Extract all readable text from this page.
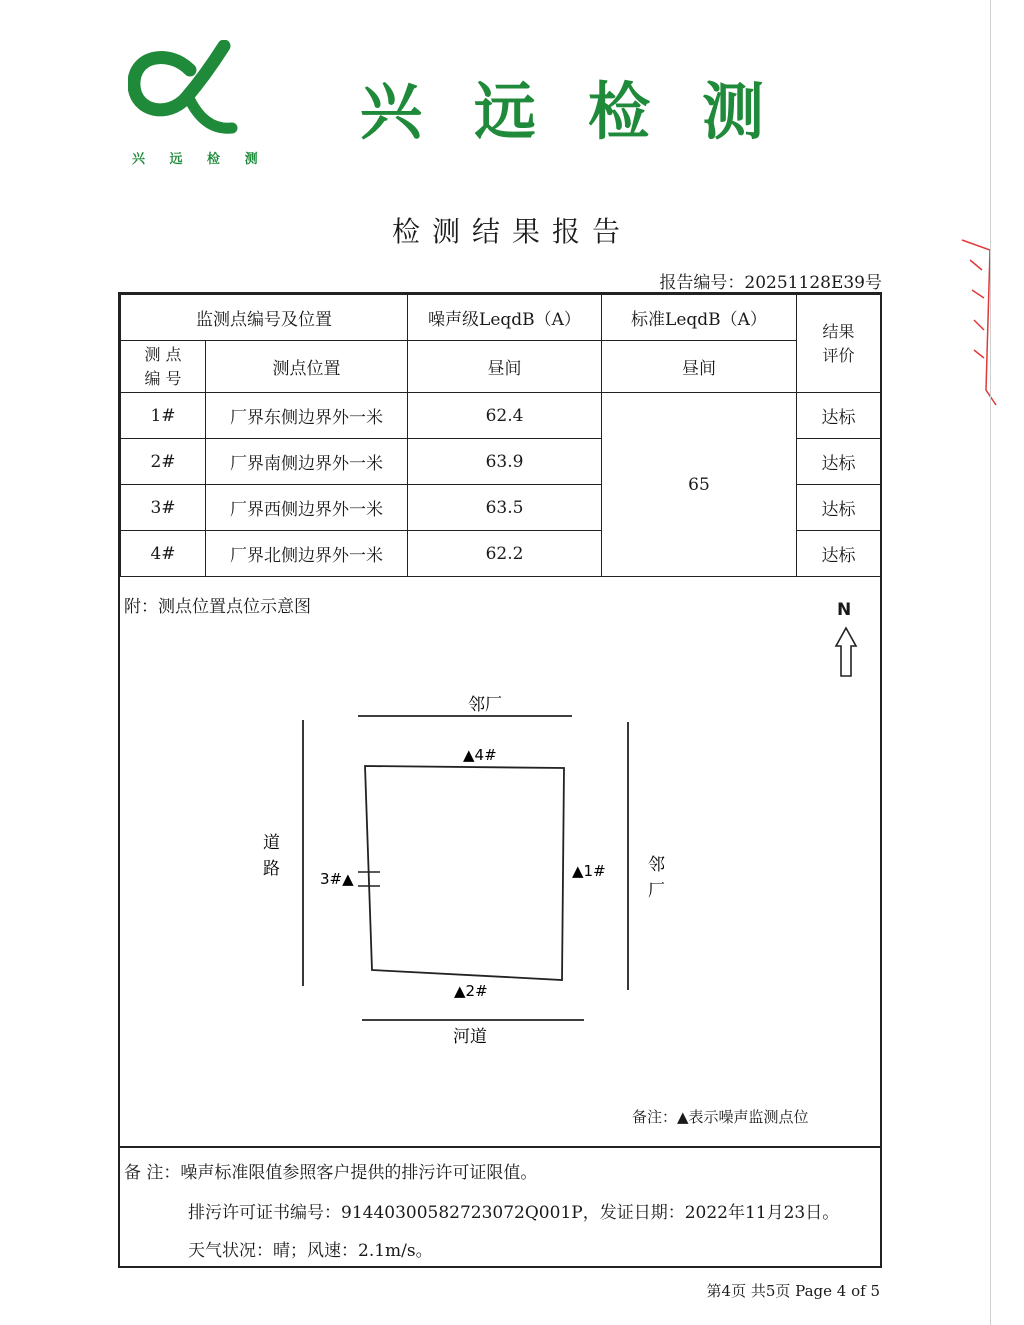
兴 远 检 测
兴远检测
检测结果报告
报告编号：20251128E39号
监测点编号及位置		噪声级LeqdB（A）	标准LeqdB（A）	结果评价

测 点 编 号	测点位置	昼间	昼间	
1#	厂界东侧边界外一米	62.4	65	达标
2#	厂界南侧边界外一米	63.9		达标
3#	厂界西侧边界外一米	63.5		达标
4#	厂界北侧边界外一米	62.2		达标
附：测点位置点位示意图	N
邻厂
河道
道
路	邻
厂
▲4#
▲1#
3#▲
▲2#
备注：▲表示噪声监测点位
备 注：噪声标准限值参照客户提供的排污许可证限值。
排污许可证书编号：91440300582723072Q001P，发证日期：2022年11月23日。
天气状况：晴；风速：2.1m/s。
第4页 共5页 Page 4 of 5
